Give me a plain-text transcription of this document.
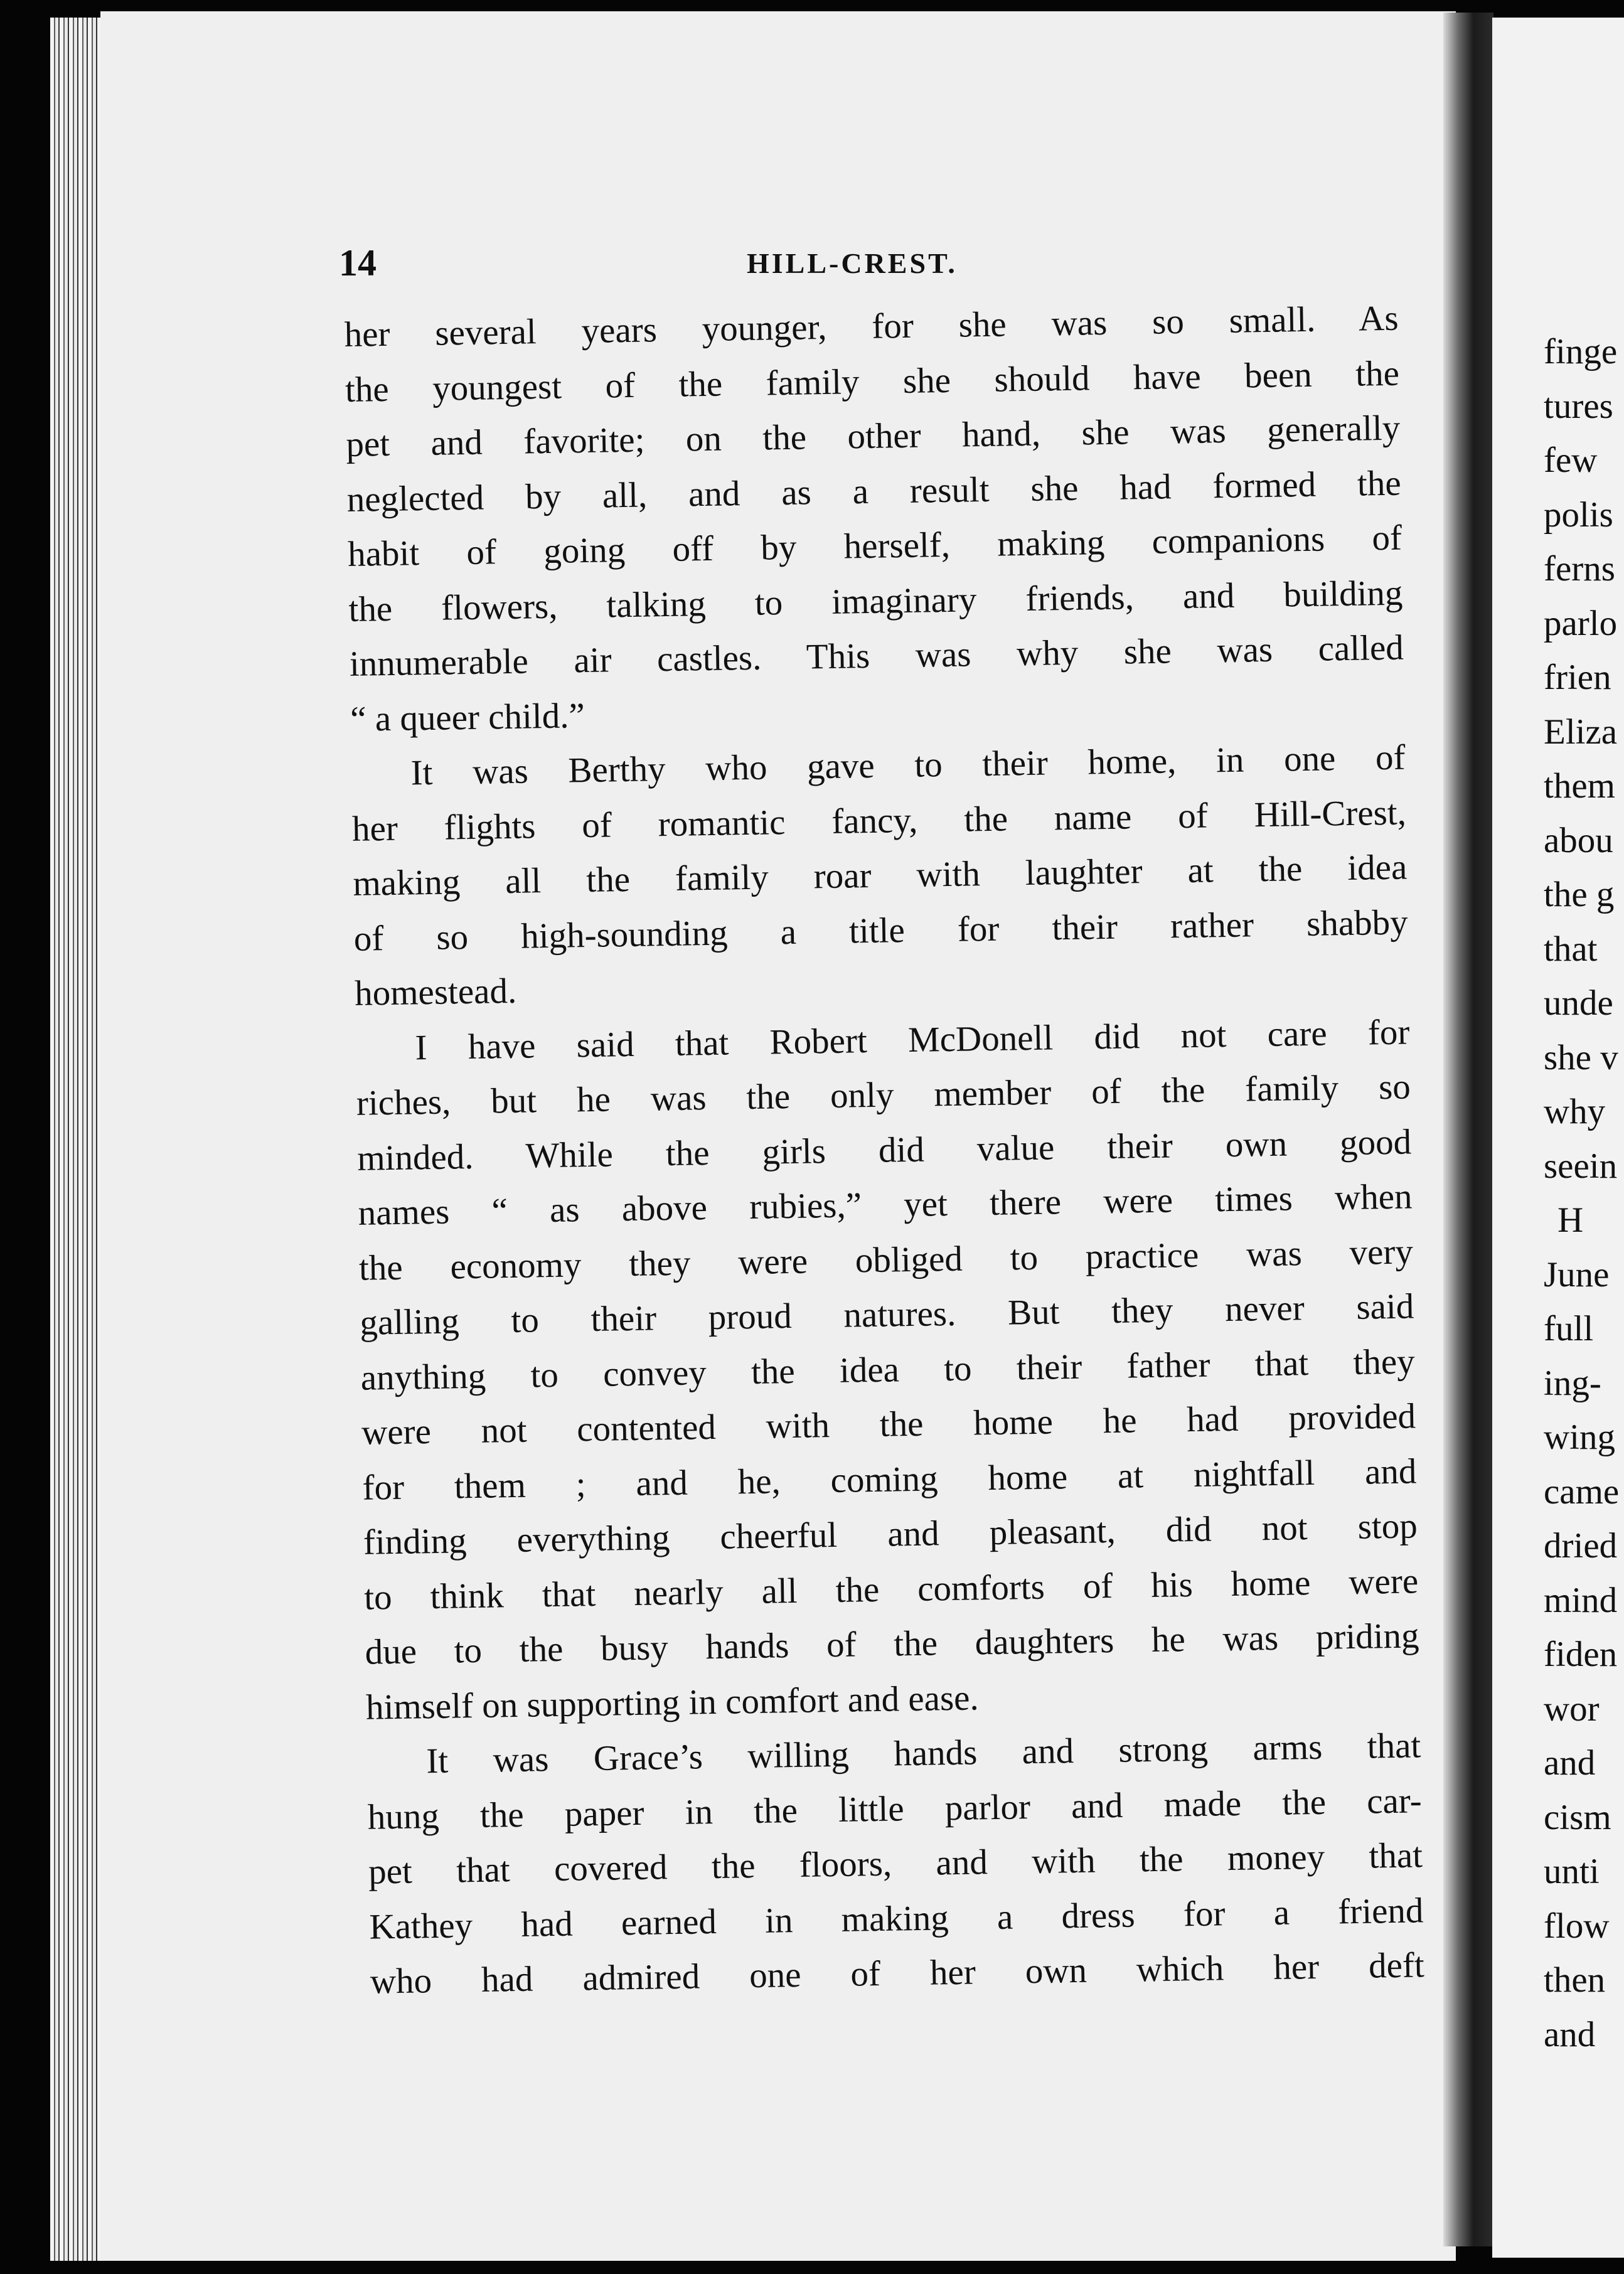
14	HILL-CREST.
her several years younger, for she was so small. As
the youngest of the family she should have been the
pet and favorite; on the other hand, she was generally
neglected by all, and as a result she had formed the
habit of going off by herself, making companions of
the flowers, talking to imaginary friends, and building
innumerable air castles. This was why she was called
“ a queer child.”
It was Berthy who gave to their home, in one of
her flights of romantic fancy, the name of Hill-Crest,
making all the family roar with laughter at the idea
of so high-sounding a title for their rather shabby
homestead.
I have said that Robert McDonell did not care for
riches, but he was the only member of the family so
minded. While the girls did value their own good
names “ as above rubies,” yet there were times when
the economy they were obliged to practice was very
galling to their proud natures. But they never said
anything to convey the idea to their father that they
were not contented with the home he had provided
for them ; and he, coming home at nightfall and
finding everything cheerful and pleasant, did not stop
to think that nearly all the comforts of his home were
due to the busy hands of the daughters he was priding
himself on supporting in comfort and ease.
It was Grace’s willing hands and strong arms that
hung the paper in the little parlor and made the car-
pet that covered the floors, and with the money that
Kathey had earned in making a dress for a friend
who had admired one of her own which her deft
finge
tures
few
polis
ferns
parlo
frien
Eliza
them
abou
the g
that
unde
she v
why
seein
H
June
full
ing-
wing
came
dried
mind
fiden
wor
and
cism
unti
flow
then
and
